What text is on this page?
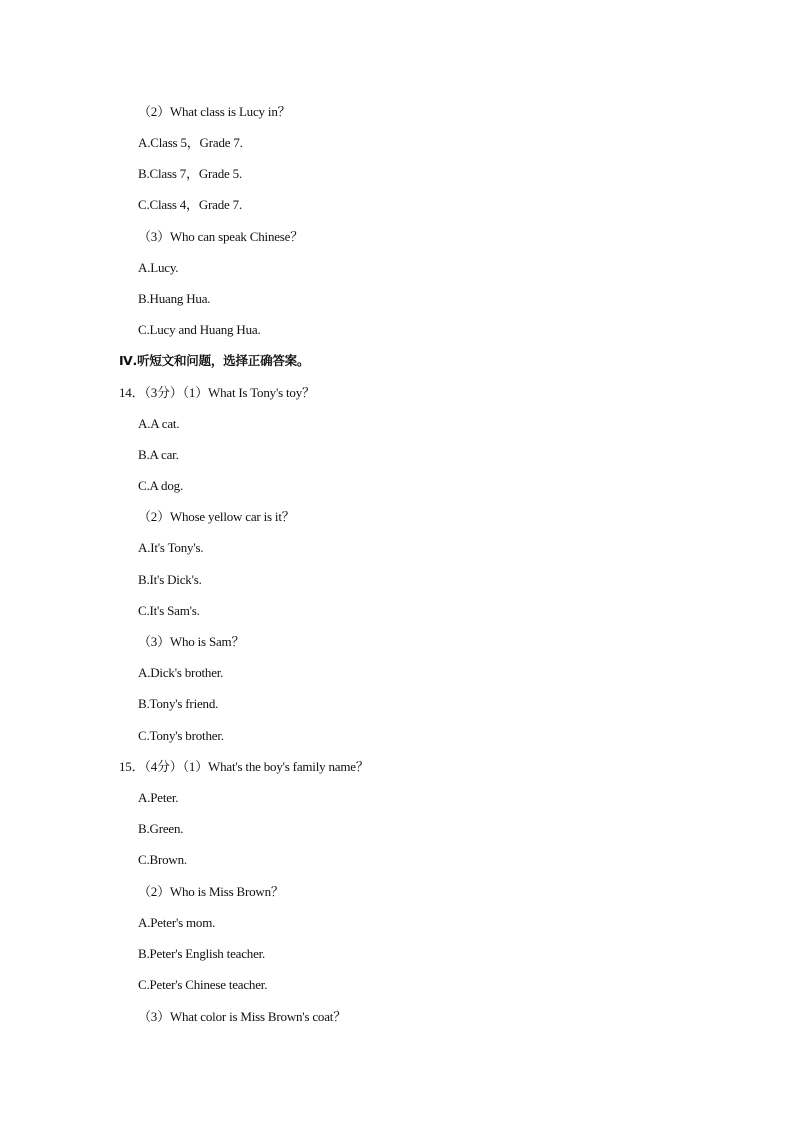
（2）What class is Lucy in？
A.Class 5，Grade 7.
B.Class 7，Grade 5.
C.Class 4，Grade 7.
（3）Who can speak Chinese？
A.Lucy.
B.Huang Hua.
C.Lucy and Huang Hua.
Ⅳ.听短文和问题，选择正确答案。
14．（3分）（1）What Is Tony's toy？
A.A cat.
B.A car.
C.A dog.
（2）Whose yellow car is it？
A.It's Tony's.
B.It's Dick's.
C.It's Sam's.
（3）Who is Sam？
A.Dick's brother.
B.Tony's friend.
C.Tony's brother.
15．（4分）（1）What's the boy's family name？
A.Peter.
B.Green.
C.Brown.
（2）Who is Miss Brown？
A.Peter's mom.
B.Peter's English teacher.
C.Peter's Chinese teacher.
（3）What color is Miss Brown's coat？
